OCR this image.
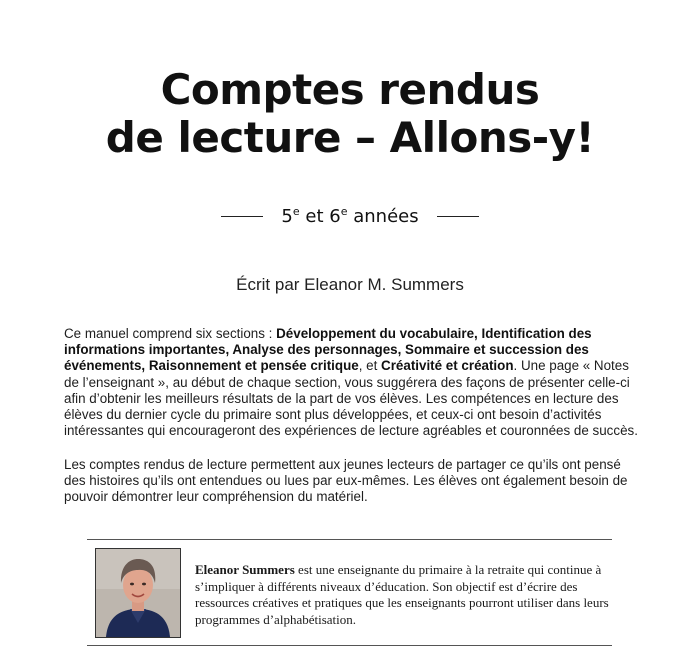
Comptes rendus
de lecture – Allons-y!
5e et 6e années
Écrit par Eleanor M. Summers

Ce manuel comprend six sections : Développement du vocabulaire, Identification des informations importantes, Analyse des personnages, Sommaire et succession des événements, Raisonnement et pensée critique, et Créativité et création. Une page « Notes de l’enseignant », au début de chaque section, vous suggérera des façons de présenter celle-ci afin d’obtenir les meilleurs résultats de la part de vos élèves. Les compétences en lecture des élèves du dernier cycle du primaire sont plus développées, et ceux-ci ont besoin d’activités intéressantes qui encourageront des expériences de lecture agréables et couronnées de succès.

Les comptes rendus de lecture permettent aux jeunes lecteurs de partager ce qu’ils ont pensé des histoires qu’ils ont entendues ou lues par eux-mêmes. Les élèves ont également besoin de pouvoir démontrer leur compréhension du matériel.

Eleanor Summers est une enseignante du primaire à la retraite qui continue à s’impliquer à différents niveaux d’éducation. Son objectif est d’écrire des ressources créatives et pratiques que les enseignants pourront utiliser dans leurs programmes d’alphabétisation.
